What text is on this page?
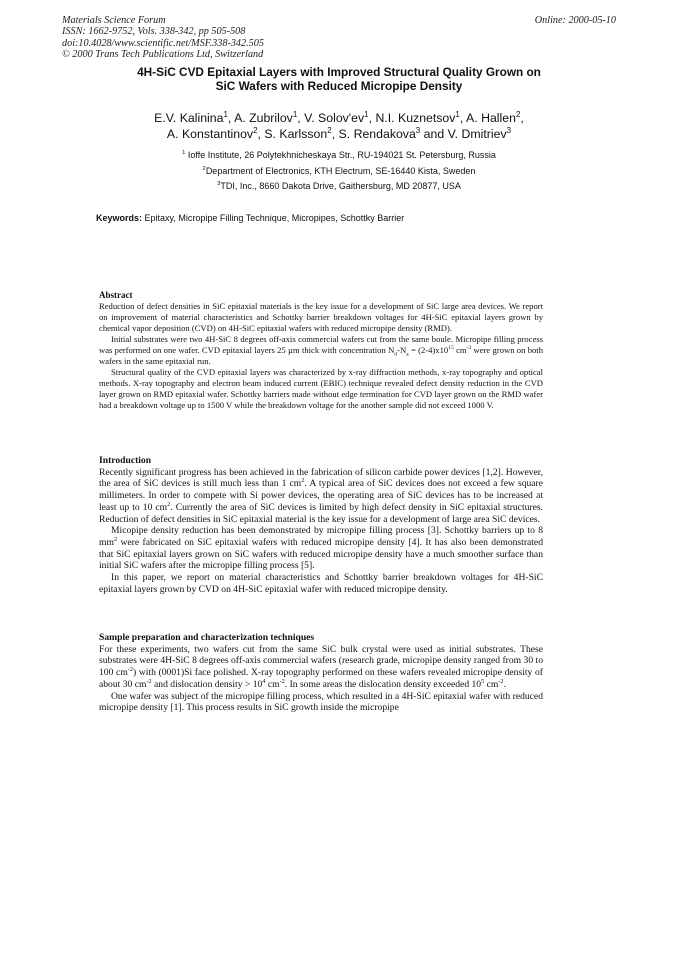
Materials Science Forum
ISSN: 1662-9752, Vols. 338-342, pp 505-508
doi:10.4028/www.scientific.net/MSF.338-342.505
© 2000 Trans Tech Publications Ltd, Switzerland
Online: 2000-05-10
4H-SiC CVD Epitaxial Layers with Improved Structural Quality Grown on
SiC Wafers with Reduced Micropipe Density
E.V. Kalinina$^1$, A. Zubrilov$^1$, V. $Solov'ev^1$, N.I. Kuznetsov$^1$, A. Hallen$^2$,
A. Konstantinov$^2$, S. Karlsson$^2$, S. Rendakova$^3$ and V. Dmitriev$^3$
$^1$ Ioffe Institute, 26 Polytekhnicheskaya Str., RU-194021 St. Petersburg, Russia
$^2$Department of Electronics, KTH Electrum, SE-16440 Kista, Sweden
$^3$TDI, Inc., 8660 Dakota Drive, Gaithersburg, MD 20877, USA
Keywords: Epitaxy, Micropipe Filling Technique, Micropipes, Schottky Barrier

Abstract

Reduction of defect densities in SiC epitaxial materials is the key issue for a development of SiC large area devices. We report on improvement of material characteristics and Schottky barrier breakdown voltages for 4H-SiC epitaxial layers grown by chemical vapor deposition (CVD) on 4H-SiC epitaxial wafers with reduced micropipe density (RMD).

Initial substrates were two 4H-SiC 8 degrees off-axis commercial wafers cut from the same boule. Micropipe filling process was performed on one wafer. CVD epitaxial layers 25 µm thick with concentration $N_d-N_a = (2-4)x10^{15}$ $cm^{-3}$ were grown on both wafers in the same epitaxial run.

Structural quality of the CVD epitaxial layers was characterized by x-ray diffraction methods, x-ray topography and optical methods. X-ray topography and electron beam induced current (EBIC) technique revealed defect density reduction in the CVD layer grown on RMD epitaxial wafer. Schottky barriers made without edge termination for CVD layer grown on the RMD wafer had a breakdown voltage up to 1500 V while the breakdown voltage for the another sample did not exceed 1000 V.

Introduction

Recently significant progress has been achieved in the fabrication of silicon carbide power devices [1,2]. However, the area of SiC devices is still much less than 1 $cm^2$. A typical area of SiC devices does not exceed a few square millimeters. In order to compete with Si power devices, the operating area of SiC devices has to be increased at least up to 10 $cm^2$. Currently the area of SiC devices is limited by high defect density in SiC epitaxial structures. Reduction of defect densities in SiC epitaxial material is the key issue for a development of large area SiC devices.

Micopipe density reduction has been demonstrated by micropipe filling process [3]. Schottky barriers up to 8 $mm^2$ were fabricated on SiC epitaxial wafers with reduced micropipe density [4]. It has also been demonstrated that SiC epitaxial layers grown on SiC wafers with reduced micropipe density have a much smoother surface than initial SiC wafers after the micropipe filling process [5].

In this paper, we report on material characteristics and Schottky barrier breakdown voltages for 4H-SiC epitaxial layers grown by CVD on 4H-SiC epitaxial wafer with reduced micropipe density.

Sample preparation and characterization techniques

For these experiments, two wafers cut from the same SiC bulk crystal were used as initial substrates. These substrates were 4H-SiC 8 degrees off-axis commercial wafers (research grade, micropipe density ranged from 30 to 100 $cm^{-2}$) with (0001)Si face polished. X-ray topography performed on these wafers revealed micropipe density of about 30 $cm^{-2}$ and dislocation density > $10^4$ $cm^{-2}$. In some areas the dislocation density exceeded $10^5$ $cm^{-2}$.

One wafer was subject of the micropipe filling process, which resulted in a 4H-SiC epitaxial wafer with reduced micropipe density [1]. This process results in SiC growth inside the micropipe
